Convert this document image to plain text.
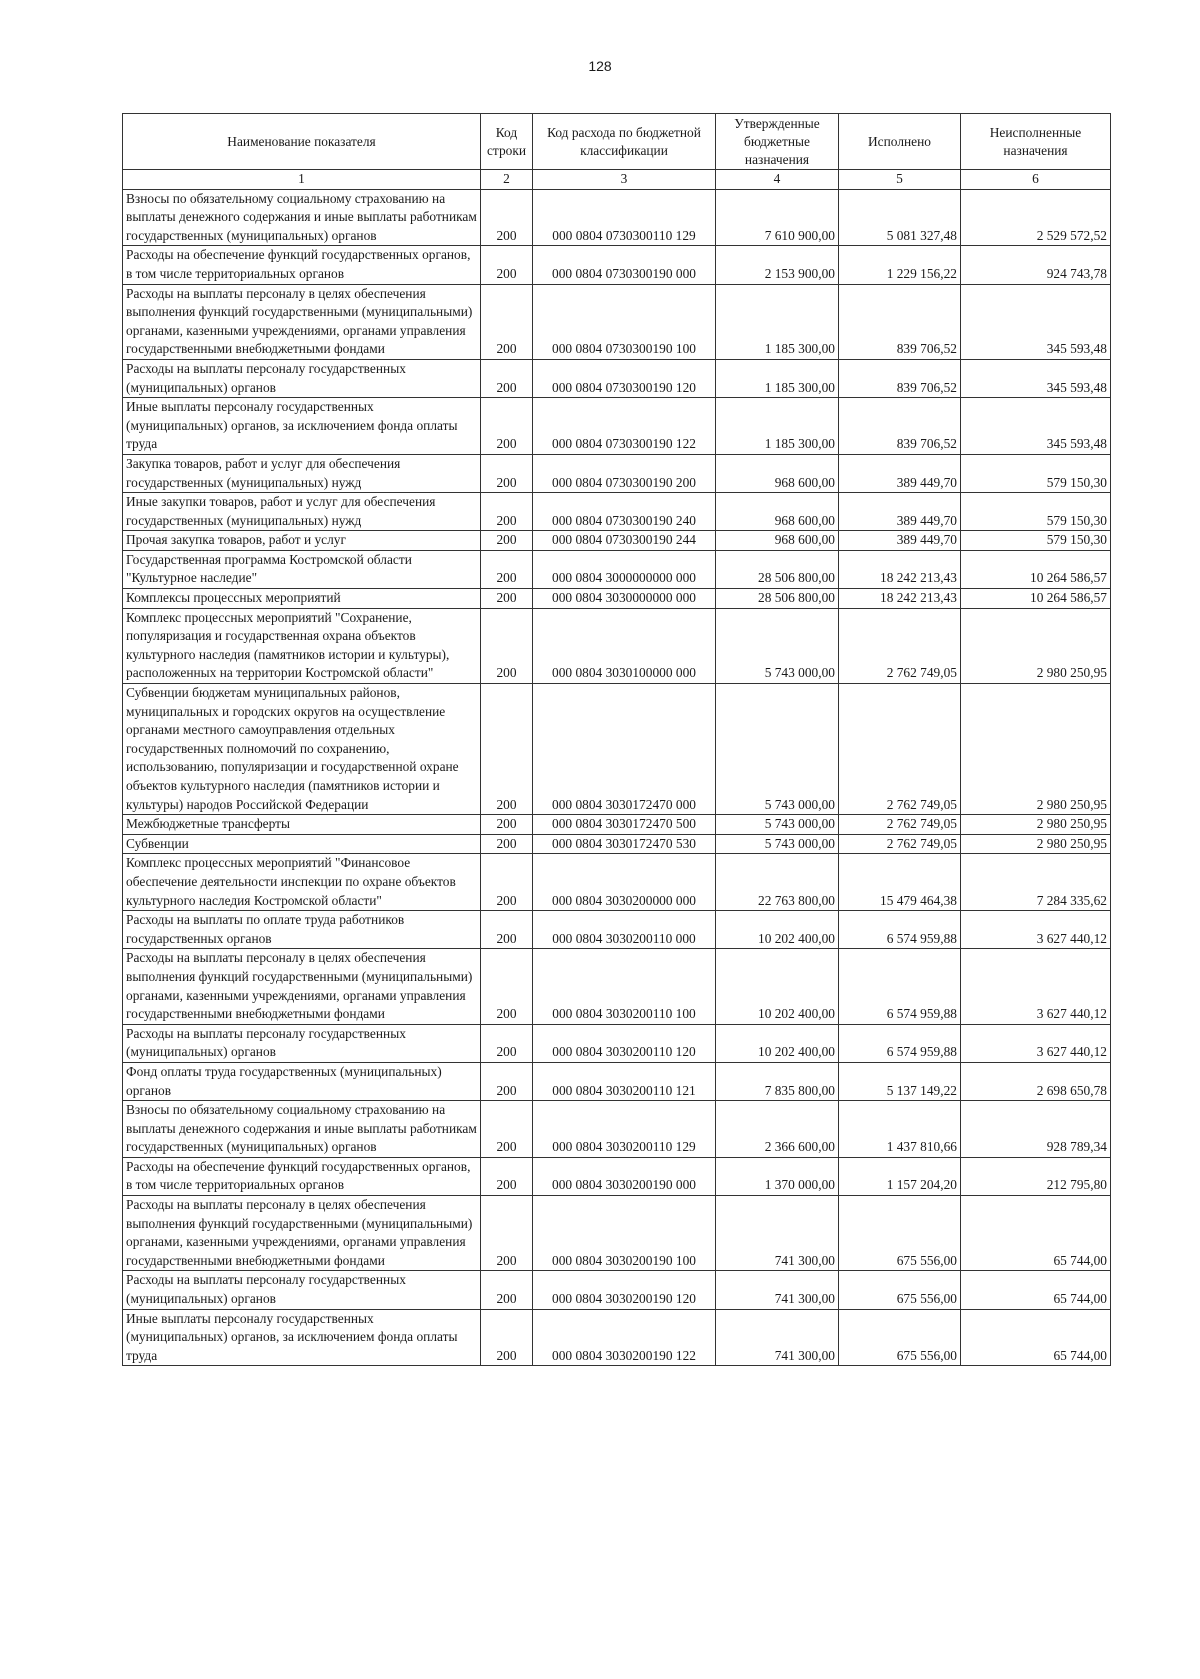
128
Наименование показателя	Код строки	Код расхода по бюджетной классификации	Утвержденные бюджетные назначения	Исполнено	Неисполненные назначения
1	2	3	4	5	6
Взносы по обязательному социальному страхованию на выплаты денежного содержания и иные выплаты работникам государственных (муниципальных) органов	200	000 0804 0730300110 129	7 610 900,00	5 081 327,48	2 529 572,52
Расходы на обеспечение функций государственных органов, в том числе территориальных органов	200	000 0804 0730300190 000	2 153 900,00	1 229 156,22	924 743,78
Расходы на выплаты персоналу в целях обеспечения выполнения функций государственными (муниципальными) органами, казенными учреждениями, органами управления государственными внебюджетными фондами	200	000 0804 0730300190 100	1 185 300,00	839 706,52	345 593,48
Расходы на выплаты персоналу государственных (муниципальных) органов	200	000 0804 0730300190 120	1 185 300,00	839 706,52	345 593,48
Иные выплаты персоналу государственных (муниципальных) органов, за исключением фонда оплаты труда	200	000 0804 0730300190 122	1 185 300,00	839 706,52	345 593,48
Закупка товаров, работ и услуг для обеспечения государственных (муниципальных) нужд	200	000 0804 0730300190 200	968 600,00	389 449,70	579 150,30
Иные закупки товаров, работ и услуг для обеспечения государственных (муниципальных) нужд	200	000 0804 0730300190 240	968 600,00	389 449,70	579 150,30
Прочая закупка товаров, работ и услуг	200	000 0804 0730300190 244	968 600,00	389 449,70	579 150,30
Государственная программа Костромской области "Культурное наследие"	200	000 0804 3000000000 000	28 506 800,00	18 242 213,43	10 264 586,57
Комплексы процессных мероприятий	200	000 0804 3030000000 000	28 506 800,00	18 242 213,43	10 264 586,57
Комплекс процессных мероприятий "Сохранение, популяризация и государственная охрана объектов культурного наследия (памятников истории и культуры), расположенных на территории Костромской области"	200	000 0804 3030100000 000	5 743 000,00	2 762 749,05	2 980 250,95
Субвенции бюджетам муниципальных районов, муниципальных и городских округов на осуществление органами местного самоуправления отдельных государственных полномочий по сохранению, использованию, популяризации и государственной охране объектов культурного наследия (памятников истории и культуры) народов Российской Федерации	200	000 0804 3030172470 000	5 743 000,00	2 762 749,05	2 980 250,95
Межбюджетные трансферты	200	000 0804 3030172470 500	5 743 000,00	2 762 749,05	2 980 250,95
Субвенции	200	000 0804 3030172470 530	5 743 000,00	2 762 749,05	2 980 250,95
Комплекс процессных мероприятий "Финансовое обеспечение деятельности инспекции по охране объектов культурного наследия Костромской области"	200	000 0804 3030200000 000	22 763 800,00	15 479 464,38	7 284 335,62
Расходы на выплаты по оплате труда работников государственных органов	200	000 0804 3030200110 000	10 202 400,00	6 574 959,88	3 627 440,12
Расходы на выплаты персоналу в целях обеспечения выполнения функций государственными (муниципальными) органами, казенными учреждениями, органами управления государственными внебюджетными фондами	200	000 0804 3030200110 100	10 202 400,00	6 574 959,88	3 627 440,12
Расходы на выплаты персоналу государственных (муниципальных) органов	200	000 0804 3030200110 120	10 202 400,00	6 574 959,88	3 627 440,12
Фонд оплаты труда государственных (муниципальных) органов	200	000 0804 3030200110 121	7 835 800,00	5 137 149,22	2 698 650,78
Взносы по обязательному социальному страхованию на выплаты денежного содержания и иные выплаты работникам государственных (муниципальных) органов	200	000 0804 3030200110 129	2 366 600,00	1 437 810,66	928 789,34
Расходы на обеспечение функций государственных органов, в том числе территориальных органов	200	000 0804 3030200190 000	1 370 000,00	1 157 204,20	212 795,80
Расходы на выплаты персоналу в целях обеспечения выполнения функций государственными (муниципальными) органами, казенными учреждениями, органами управления государственными внебюджетными фондами	200	000 0804 3030200190 100	741 300,00	675 556,00	65 744,00
Расходы на выплаты персоналу государственных (муниципальных) органов	200	000 0804 3030200190 120	741 300,00	675 556,00	65 744,00
Иные выплаты персоналу государственных (муниципальных) органов, за исключением фонда оплаты труда	200	000 0804 3030200190 122	741 300,00	675 556,00	65 744,00
